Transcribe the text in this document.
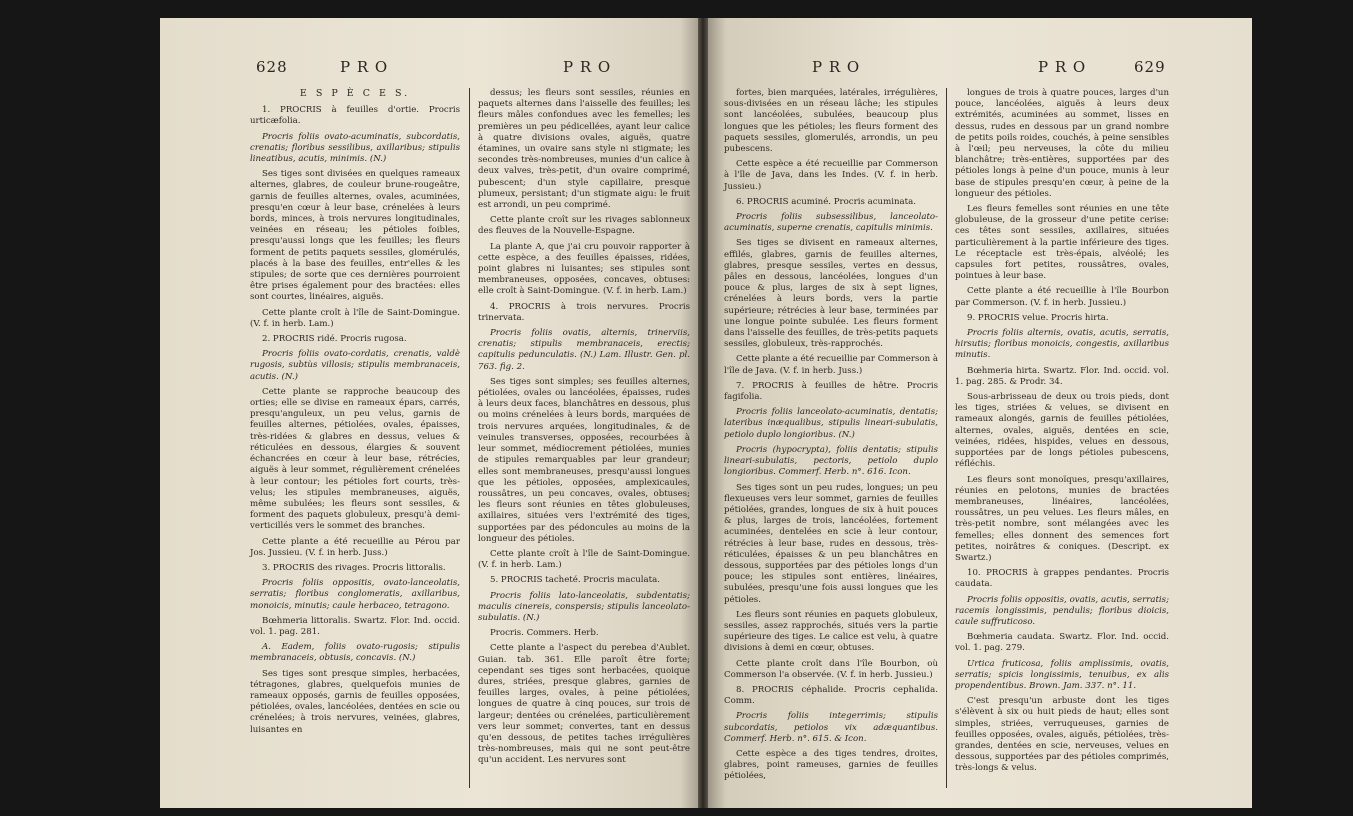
628	P R O	P R O	P R O	P R O	629

E S P È C E S.

1. PROCRIS à feuilles d'ortie. Procris urticæfolia.

Procris foliis ovato-acuminatis, subcordatis, crenatis; floribus sessilibus, axillaribus; stipulis lineatibus, acutis, minimis. (N.)

Ses tiges sont divisées en quelques rameaux alternes, glabres, de couleur brune-rougeâtre, garnis de feuilles alternes, ovales, acuminées, presqu'en cœur à leur base, crénelées à leurs bords, minces, à trois nervures longitudinales, veinées en réseau; les pétioles foibles, presqu'aussi longs que les feuilles; les fleurs forment de petits paquets sessiles, glomérulés, placés à la base des feuilles, entr'elles & les stipules; de sorte que ces dernières pourroient être prises également pour des bractées: elles sont courtes, linéaires, aiguës.

Cette plante croît à l'île de Saint-Domingue. (V. f. in herb. Lam.)

2. PROCRIS ridé. Procris rugosa.

Procris foliis ovato-cordatis, crenatis, valdè rugosis, subtùs villosis; stipulis membranaceis, acutis. (N.)

Cette plante se rapproche beaucoup des orties; elle se divise en rameaux épars, carrés, presqu'anguleux, un peu velus, garnis de feuilles alternes, pétiolées, ovales, épaisses, très-ridées & glabres en dessus, velues & réticulées en dessous, élargies & souvent échancrées en cœur à leur base, rétrécies, aiguës à leur sommet, régulièrement crénelées à leur contour; les pétioles fort courts, très-velus; les stipules membraneuses, aiguës, même subulées; les fleurs sont sessiles, & forment des paquets globuleux, presqu'à demi-verticillés vers le sommet des branches.

Cette plante a été recueillie au Pérou par Jos. Jussieu. (V. f. in herb. Juss.)

3. PROCRIS des rivages. Procris littoralis.

Procris foliis oppositis, ovato-lanceolatis, serratis; floribus conglomeratis, axillaribus, monoicis, minutis; caule herbaceo, tetragono.

Bœhmeria littoralis. Swartz. Flor. Ind. occid. vol. 1. pag. 281.

A. Eadem, foliis ovato-rugosis; stipulis membranaceis, obtusis, concavis. (N.)

Ses tiges sont presque simples, herbacées, tétragones, glabres, quelquefois munies de rameaux opposés, garnis de feuilles opposées, pétiolées, ovales, lancéolées, dentées en scie ou crénelées; à trois nervures, veinées, glabres, luisantes en

dessus; les fleurs sont sessiles, réunies en paquets alternes dans l'aisselle des feuilles; les fleurs mâles confondues avec les femelles; les premières un peu pédicellées, ayant leur calice à quatre divisions ovales, aiguës, quatre étamines, un ovaire sans style ni stigmate; les secondes très-nombreuses, munies d'un calice à deux valves, très-petit, d'un ovaire comprimé, pubescent; d'un style capillaire, presque plumeux, persistant; d'un stigmate aigu: le fruit est arrondi, un peu comprimé.

Cette plante croît sur les rivages sablonneux des fleuves de la Nouvelle-Espagne.

La plante A, que j'ai cru pouvoir rapporter à cette espèce, a des feuilles épaisses, ridées, point glabres ni luisantes; ses stipules sont membraneuses, opposées, concaves, obtuses: elle croît à Saint-Domingue. (V. f. in herb. Lam.)

4. PROCRIS à trois nervures. Procris trinervata.

Procris foliis ovatis, alternis, trinerviis, crenatis; stipulis membranaceis, erectis; capitulis pedunculatis. (N.) Lam. Illustr. Gen. pl. 763. fig. 2.

Ses tiges sont simples; ses feuilles alternes, pétiolées, ovales ou lancéolées, épaisses, rudes à leurs deux faces, blanchâtres en dessous, plus ou moins crénelées à leurs bords, marquées de trois nervures arquées, longitudinales, & de veinules transverses, opposées, recourbées à leur sommet, médiocrement pétiolées, munies de stipules remarquables par leur grandeur; elles sont membraneuses, presqu'aussi longues que les pétioles, opposées, amplexicaules, roussâtres, un peu concaves, ovales, obtuses; les fleurs sont réunies en têtes globuleuses, axillaires, situées vers l'extrémité des tiges, supportées par des pédoncules au moins de la longueur des pétioles.

Cette plante croît à l'île de Saint-Domingue. (V. f. in herb. Lam.)

5. PROCRIS tacheté. Procris maculata.

Procris foliis lato-lanceolatis, subdentatis; maculis cinereis, conspersis; stipulis lanceolato-subulatis. (N.)

Procris. Commers. Herb.

Cette plante a l'aspect du perebea d'Aublet. Guian. tab. 361. Elle paroît être forte; cependant ses tiges sont herbacées, quoique dures, striées, presque glabres, garnies de feuilles larges, ovales, à peine pétiolées, longues de quatre à cinq pouces, sur trois de largeur; dentées ou crénelées, particulièrement vers leur sommet; convertes, tant en dessus qu'en dessous, de petites taches irrégulières très-nombreuses, mais qui ne sont peut-être qu'un accident. Les nervures sont

fortes, bien marquées, latérales, irrégulières, sous-divisées en un réseau lâche; les stipules sont lancéolées, subulées, beaucoup plus longues que les pétioles; les fleurs forment des paquets sessiles, glomerulés, arrondis, un peu pubescens.

Cette espèce a été recueillie par Commerson à l'île de Java, dans les Indes. (V. f. in herb. Jussieu.)

6. PROCRIS acuminé. Procris acuminata.

Procris foliis subsessilibus, lanceolato-acuminatis, superne crenatis, capitulis minimis.

Ses tiges se divisent en rameaux alternes, effilés, glabres, garnis de feuilles alternes, glabres, presque sessiles, vertes en dessus, pâles en dessous, lancéolées, longues d'un pouce & plus, larges de six à sept lignes, crénelées à leurs bords, vers la partie supérieure; rétrécies à leur base, terminées par une longue pointe subulée. Les fleurs forment dans l'aisselle des feuilles, de très-petits paquets sessiles, globuleux, très-rapprochés.

Cette plante a été recueillie par Commerson à l'île de Java. (V. f. in herb. Juss.)

7. PROCRIS à feuilles de hêtre. Procris fagifolia.

Procris foliis lanceolato-acuminatis, dentatis; lateribus inæqualibus, stipulis lineari-subulatis, petiolo duplo longioribus. (N.)

Procris (hypocrypta), foliis dentatis; stipulis lineari-subulatis, pectoris, petiolo duplo longioribus. Commerf. Herb. n°. 616. Icon.

Ses tiges sont un peu rudes, longues; un peu flexueuses vers leur sommet, garnies de feuilles pétiolées, grandes, longues de six à huit pouces & plus, larges de trois, lancéolées, fortement acuminées, dentelées en scie à leur contour, rétrécies à leur base, rudes en dessous, très-réticulées, épaisses & un peu blanchâtres en dessous, supportées par des pétioles longs d'un pouce; les stipules sont entières, linéaires, subulées, presqu'une fois aussi longues que les pétioles.

Les fleurs sont réunies en paquets globuleux, sessiles, assez rapprochés, situés vers la partie supérieure des tiges. Le calice est velu, à quatre divisions à demi en cœur, obtuses.

Cette plante croît dans l'île Bourbon, où Commerson l'a observée. (V. f. in herb. Jussieu.)

8. PROCRIS céphalide. Procris cephalida. Comm.

Procris foliis integerrimis; stipulis subcordatis, petiolos vix adæquantibus. Commerf. Herb. n°. 615. & Icon.

Cette espèce a des tiges tendres, droites, glabres, point rameuses, garnies de feuilles pétiolées,

longues de trois à quatre pouces, larges d'un pouce, lancéolées, aiguës à leurs deux extrémités, acuminées au sommet, lisses en dessus, rudes en dessous par un grand nombre de petits poils roides, couchés, à peine sensibles à l'œil; peu nerveuses, la côte du milieu blanchâtre; très-entières, supportées par des pétioles longs à peine d'un pouce, munis à leur base de stipules presqu'en cœur, à peine de la longueur des pétioles.

Les fleurs femelles sont réunies en une tête globuleuse, de la grosseur d'une petite cerise: ces têtes sont sessiles, axillaires, situées particulièrement à la partie inférieure des tiges. Le réceptacle est très-épais, alvéolé; les capsules fort petites, roussâtres, ovales, pointues à leur base.

Cette plante a été recueillie à l'île Bourbon par Commerson. (V. f. in herb. Jussieu.)

9. PROCRIS velue. Procris hirta.

Procris foliis alternis, ovatis, acutis, serratis, hirsutis; floribus monoicis, congestis, axillaribus minutis.

Bœhmeria hirta. Swartz. Flor. Ind. occid. vol. 1. pag. 285. & Prodr. 34.

Sous-arbrisseau de deux ou trois pieds, dont les tiges, striées & velues, se divisent en rameaux alongés, garnis de feuilles pétiolées, alternes, ovales, aiguës, dentées en scie, veinées, ridées, hispides, velues en dessous, supportées par de longs pétioles pubescens, réfléchis.

Les fleurs sont monoïques, presqu'axillaires, réunies en pelotons, munies de bractées membraneuses, linéaires, lancéolées, roussâtres, un peu velues. Les fleurs mâles, en très-petit nombre, sont mélangées avec les femelles; elles donnent des semences fort petites, noirâtres & coniques. (Descript. ex Swartz.)

10. PROCRIS à grappes pendantes. Procris caudata.

Procris foliis oppositis, ovatis, acutis, serratis; racemis longissimis, pendulis; floribus dioicis, caule suffruticoso.

Bœhmeria caudata. Swartz. Flor. Ind. occid. vol. 1. pag. 279.

Urtica fruticosa, foliis amplissimis, ovatis, serratis; spicis longissimis, tenuibus, ex alis propendentibus. Brown. Jam. 337. n°. 11.

C'est presqu'un arbuste dont les tiges s'élèvent à six ou huit pieds de haut; elles sont simples, striées, verruqueuses, garnies de feuilles opposées, ovales, aiguës, pétiolées, très-grandes, dentées en scie, nerveuses, velues en dessous, supportées par des pétioles comprimés, très-longs & velus.
